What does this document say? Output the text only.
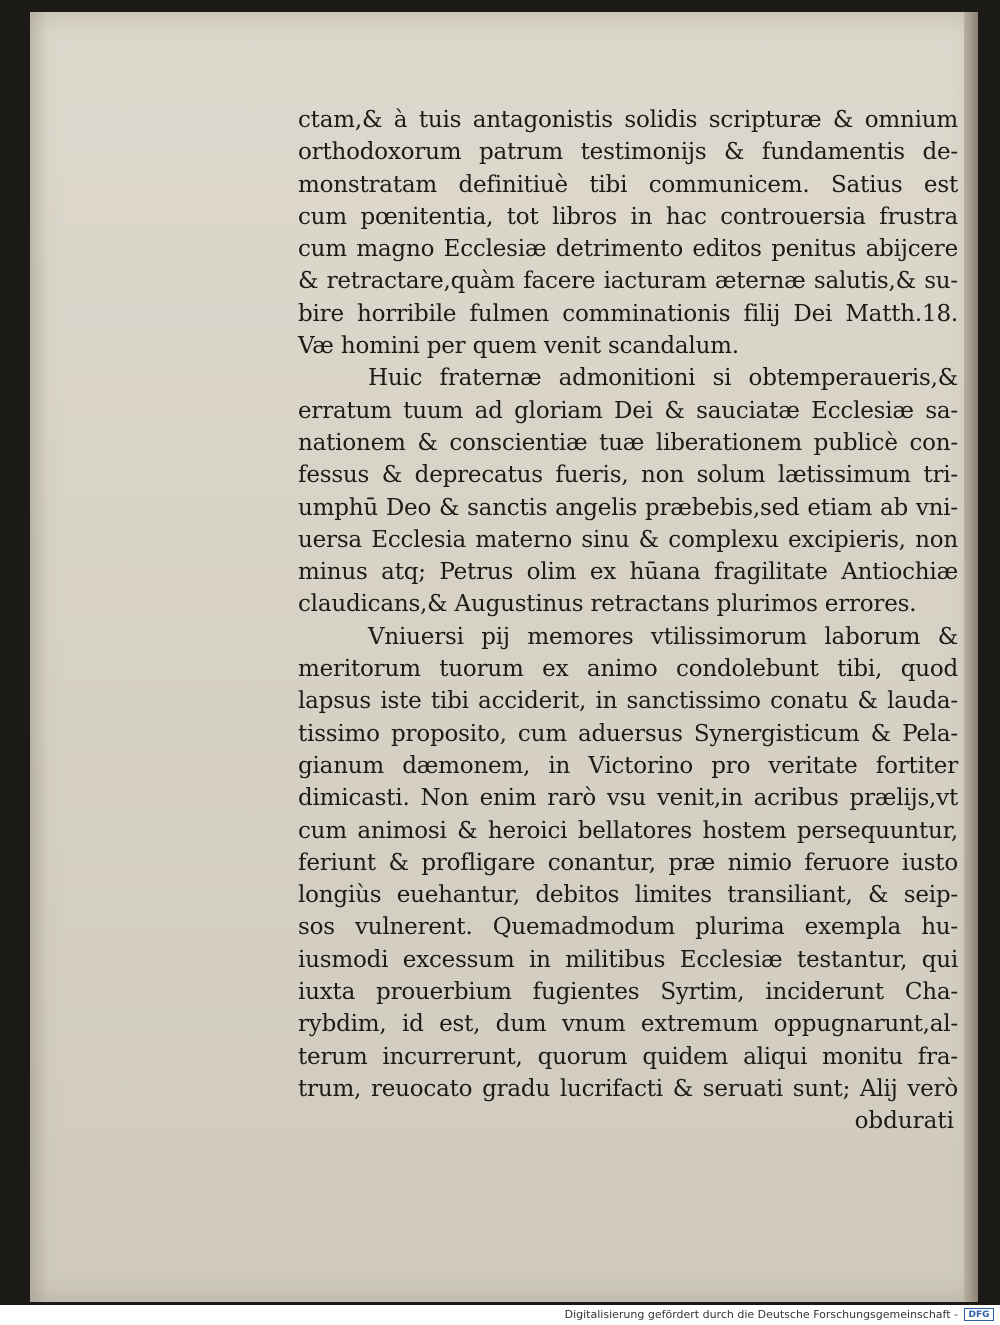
ctam,& à tuis antagonistis solidis scripturæ & omnium
orthodoxorum patrum testimonijs & fundamentis de-
monstratam definitiuè tibi communicem. Satius est
cum pœnitentia, tot libros in hac controuersia frustra
cum magno Ecclesiæ detrimento editos penitus abijcere
& retractare,quàm facere iacturam æternæ salutis,& su-
bire horribile fulmen comminationis filij Dei Matth.18.
Væ homini per quem venit scandalum.
Huic fraternæ admonitioni si obtemperaueris,&
erratum tuum ad gloriam Dei & sauciatæ Ecclesiæ sa-
nationem & conscientiæ tuæ liberationem publicè con-
fessus & deprecatus fueris, non solum lætissimum tri-
umphū Deo & sanctis angelis præbebis,sed etiam ab vni-
uersa Ecclesia materno sinu & complexu excipieris, non
minus atq; Petrus olim ex hūana fragilitate Antiochiæ
claudicans,& Augustinus retractans plurimos errores.
Vniuersi pij memores vtilissimorum laborum &
meritorum tuorum ex animo condolebunt tibi, quod
lapsus iste tibi acciderit, in sanctissimo conatu & lauda-
tissimo proposito, cum aduersus Synergisticum & Pela-
gianum dæmonem, in Victorino pro veritate fortiter
dimicasti. Non enim rarò vsu venit,in acribus prælijs,vt
cum animosi & heroici bellatores hostem persequuntur,
feriunt & profligare conantur, præ nimio feruore iusto
longiùs euehantur, debitos limites transiliant, & seip-
sos vulnerent. Quemadmodum plurima exempla hu-
iusmodi excessum in militibus Ecclesiæ testantur, qui
iuxta prouerbium fugientes Syrtim, inciderunt Cha-
rybdim, id est, dum vnum extremum oppugnarunt,al-
terum incurrerunt, quorum quidem aliqui monitu fra-
trum, reuocato gradu lucrifacti & seruati sunt; Alij verò
obdurati
Digitalisierung gefördert durch die Deutsche Forschungsgemeinschaft -	DFG
